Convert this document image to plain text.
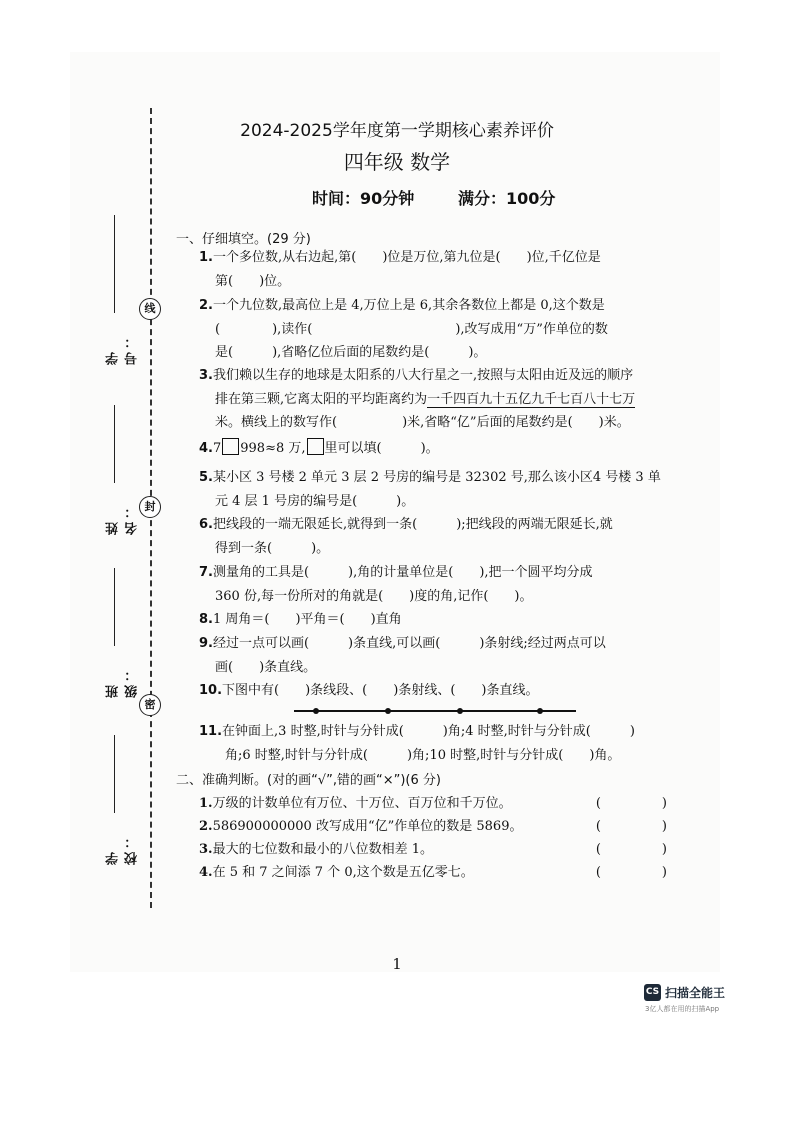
线
封
密
学号：
姓名：
班级：
学校：
2024-2025学年度第一学期核心素养评价
四年级 数学
时间：90分钟	满分：100分
一、仔细填空。(29 分)
1.一个多位数,从右边起,第(　　)位是万位,第九位是(　　)位,千亿位是
第(　　)位。
2.一个九位数,最高位上是 4,万位上是 6,其余各数位上都是 0,这个数是
(　　　　),读作(　　　　　　　　　　　),改写成用“万”作单位的数
是(　　　),省略亿位后面的尾数约是(　　　)。
3.我们赖以生存的地球是太阳系的八大行星之一,按照与太阳由近及远的顺序
排在第三颗,它离太阳的平均距离约为一千四百九十五亿九千七百八十七万
米。横线上的数写作(　　　　　)米,省略“亿”后面的尾数约是(　　)米。
4.7 998≈8 万, 里可以填(　　　)。
5.某小区 3 号楼 2 单元 3 层 2 号房的编号是 32302 号,那么该小区4 号楼 3 单
元 4 层 1 号房的编号是(　　　)。
6.把线段的一端无限延长,就得到一条(　　　);把线段的两端无限延长,就
得到一条(　　　)。
7.测量角的工具是(　　　),角的计量单位是(　　),把一个圆平均分成
360 份,每一份所对的角就是(　　)度的角,记作(　　)。
8.1 周角＝(　　)平角＝(　　)直角
9.经过一点可以画(　　　)条直线,可以画(　　　)条射线;经过两点可以
画(　　)条直线。
10.下图中有(　　)条线段、(　　)条射线、(　　)条直线。
11.在钟面上,3 时整,时针与分针成(　　　)角;4 时整,时针与分针成(　　　)
角;6 时整,时针与分针成(　　　)角;10 时整,时针与分针成(　　)角。
二、准确判断。(对的画“√”,错的画“×”)(6 分)
1.万级的计数单位有万位、十万位、百万位和千万位。	(　)
2.586900000000 改写成用“亿”作单位的数是 5869。	(　)
3.最大的七位数和最小的八位数相差 1。	(　)
4.在 5 和 7 之间添 7 个 0,这个数是五亿零七。	(　)
1
CS 扫描全能王
3亿人都在用的扫描App
